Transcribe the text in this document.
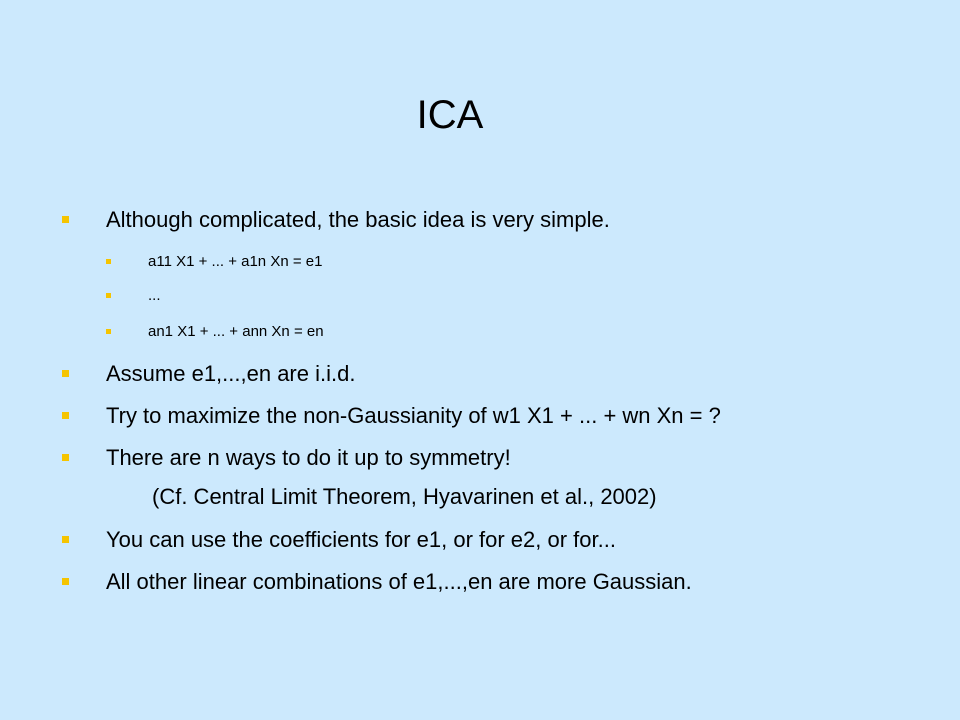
ICA
Although complicated, the basic idea is very simple.
a11 X1 + ... + a1n Xn = e1
...
an1 X1 + ... + ann Xn = en
Assume e1,...,en are i.i.d.
Try to maximize the non-Gaussianity of w1 X1 + ... + wn Xn = ?
There are n ways to do it up to symmetry!
(Cf. Central Limit Theorem, Hyavarinen et al., 2002)
You can use the coefficients for e1, or for e2, or for...
All other linear combinations of e1,...,en are more Gaussian.
